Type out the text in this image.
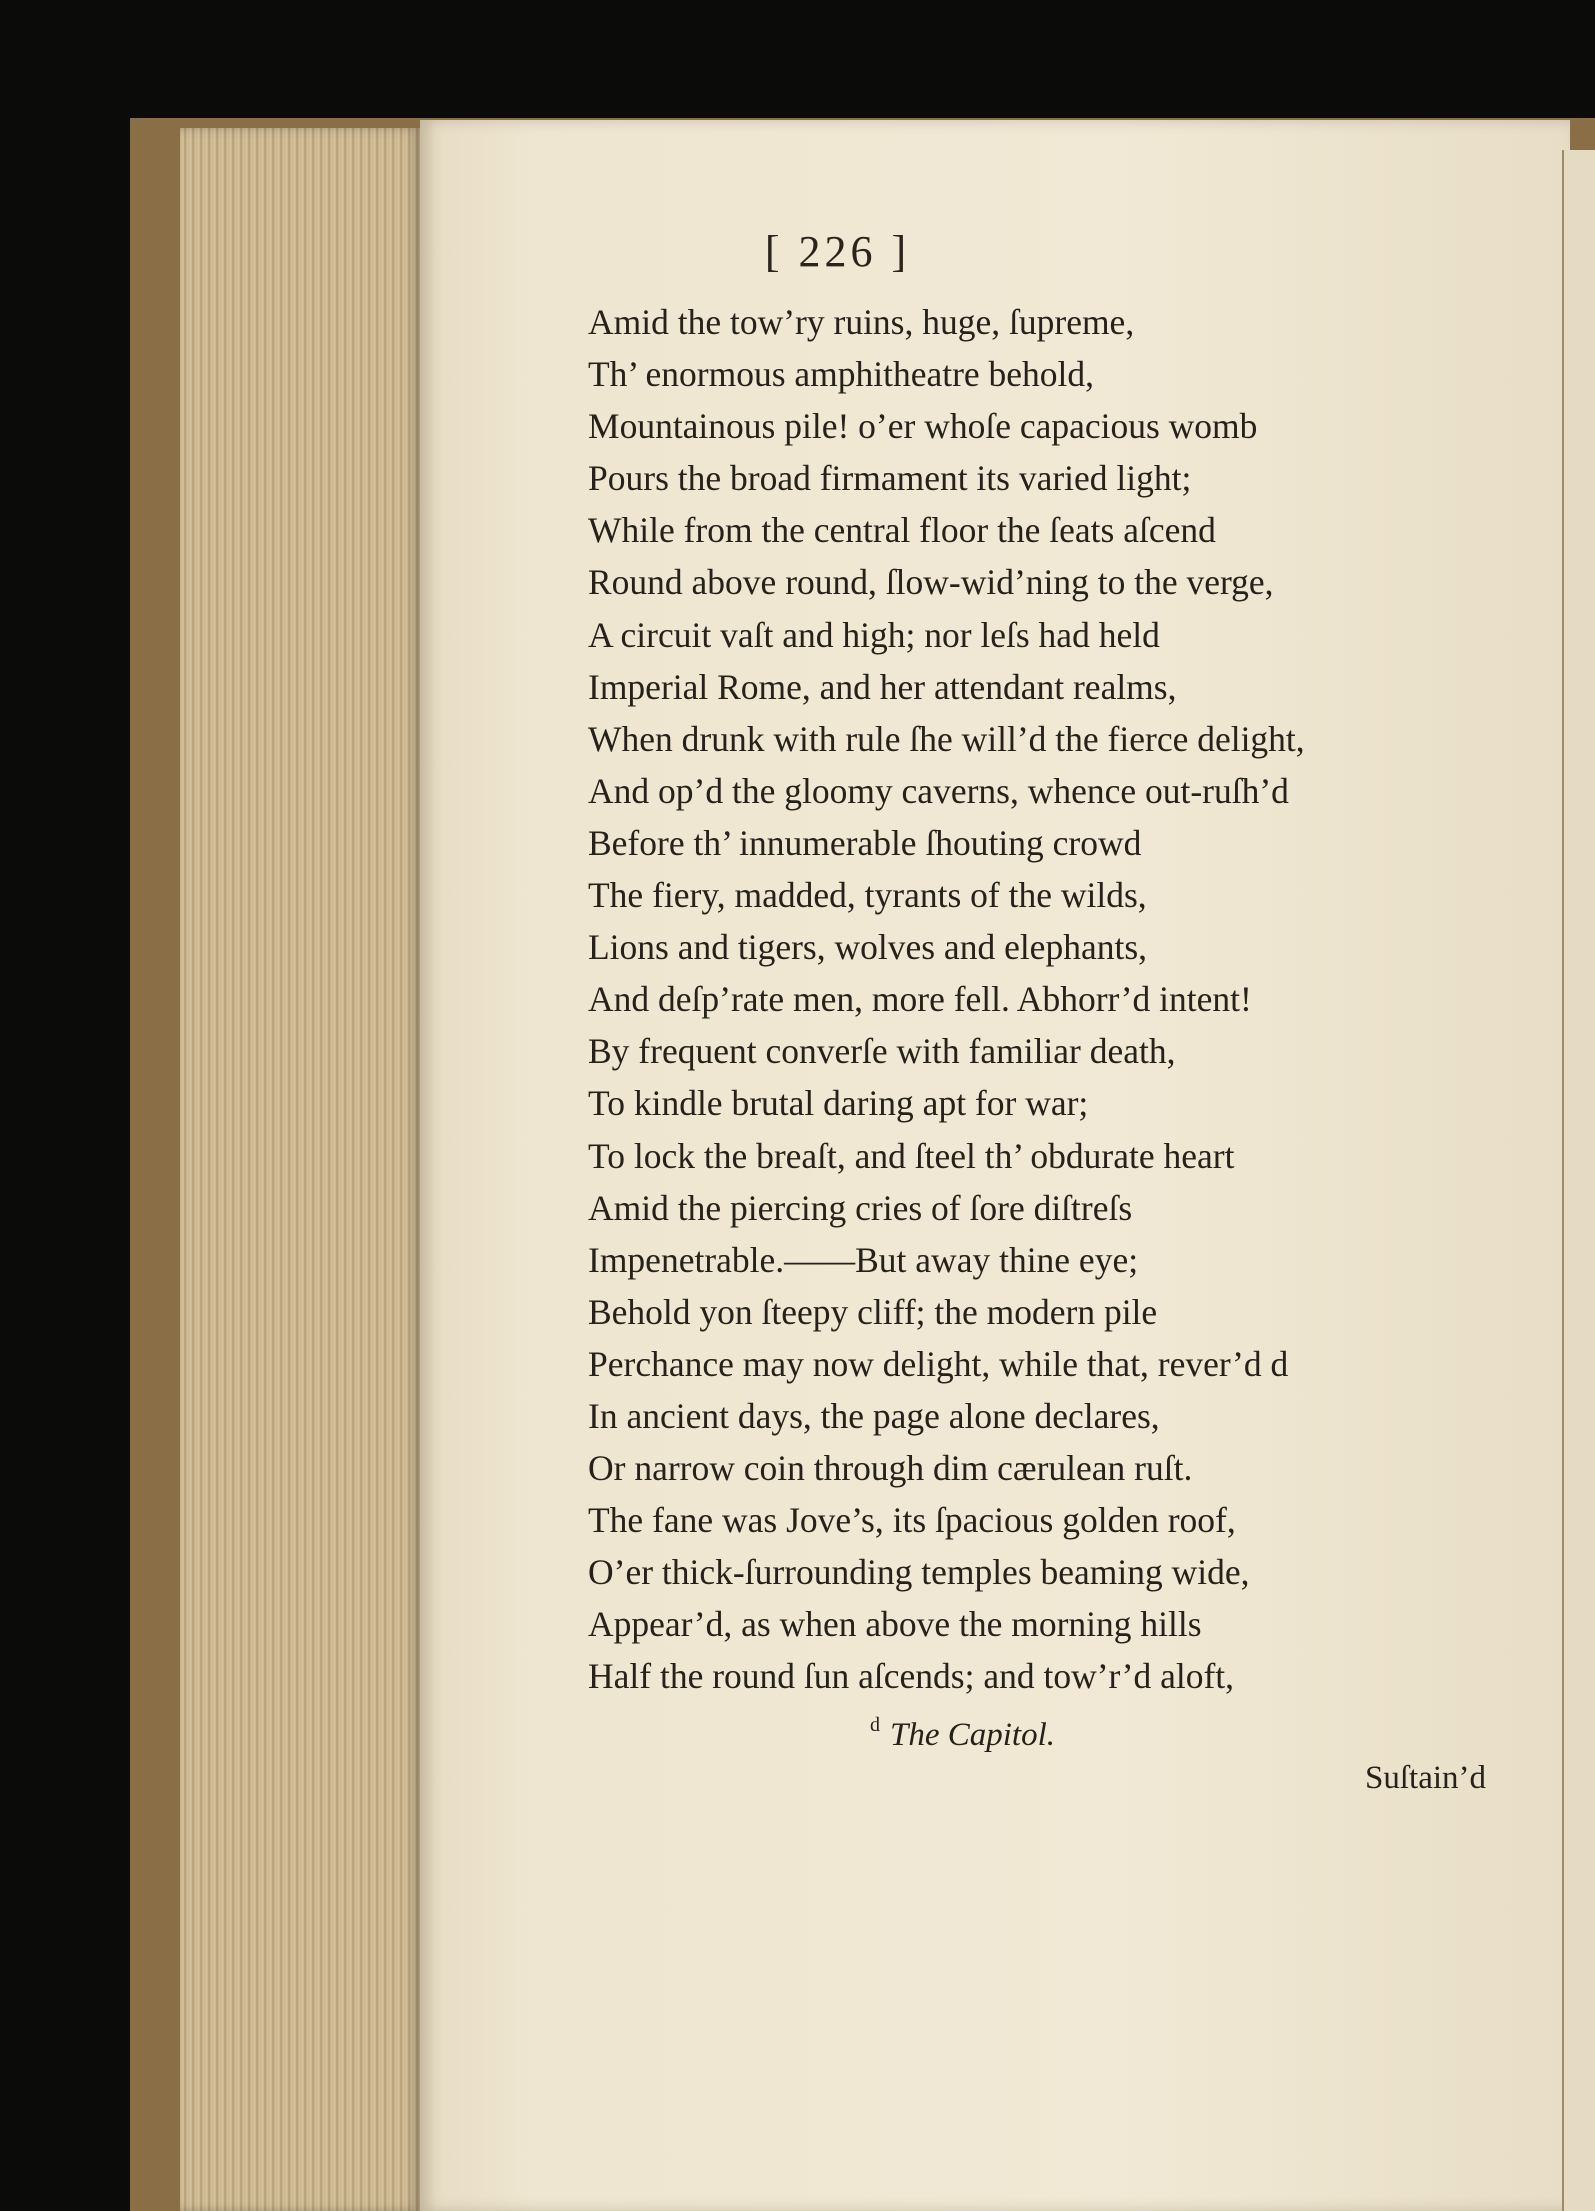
[ 226 ]
Amid the tow’ry ruins, huge, ſupreme,
Th’ enormous amphitheatre behold,
Mountainous pile! o’er whoſe capacious womb
Pours the broad firmament its varied light;
While from the central floor the ſeats aſcend
Round above round, ſlow-wid’ning to the verge,
A circuit vaſt and high; nor leſs had held
Imperial Rome, and her attendant realms,
When drunk with rule ſhe will’d the fierce delight,
And op’d the gloomy caverns, whence out-ruſh’d
Before th’ innumerable ſhouting crowd
The fiery, madded, tyrants of the wilds,
Lions and tigers, wolves and elephants,
And deſp’rate men, more fell. Abhorr’d intent!
By frequent converſe with familiar death,
To kindle brutal daring apt for war;
To lock the breaſt, and ſteel th’ obdurate heart
Amid the piercing cries of ſore diſtreſs
Impenetrable.——But away thine eye;
Behold yon ſteepy cliff; the modern pile
Perchance may now delight, while that, rever’d d
In ancient days, the page alone declares,
Or narrow coin through dim cærulean ruſt.
The fane was Jove’s, its ſpacious golden roof,
O’er thick-ſurrounding temples beaming wide,
Appear’d, as when above the morning hills
Half the round ſun aſcends; and tow’r’d aloft,
$^d$ The Capitol.
Suſtain’d
